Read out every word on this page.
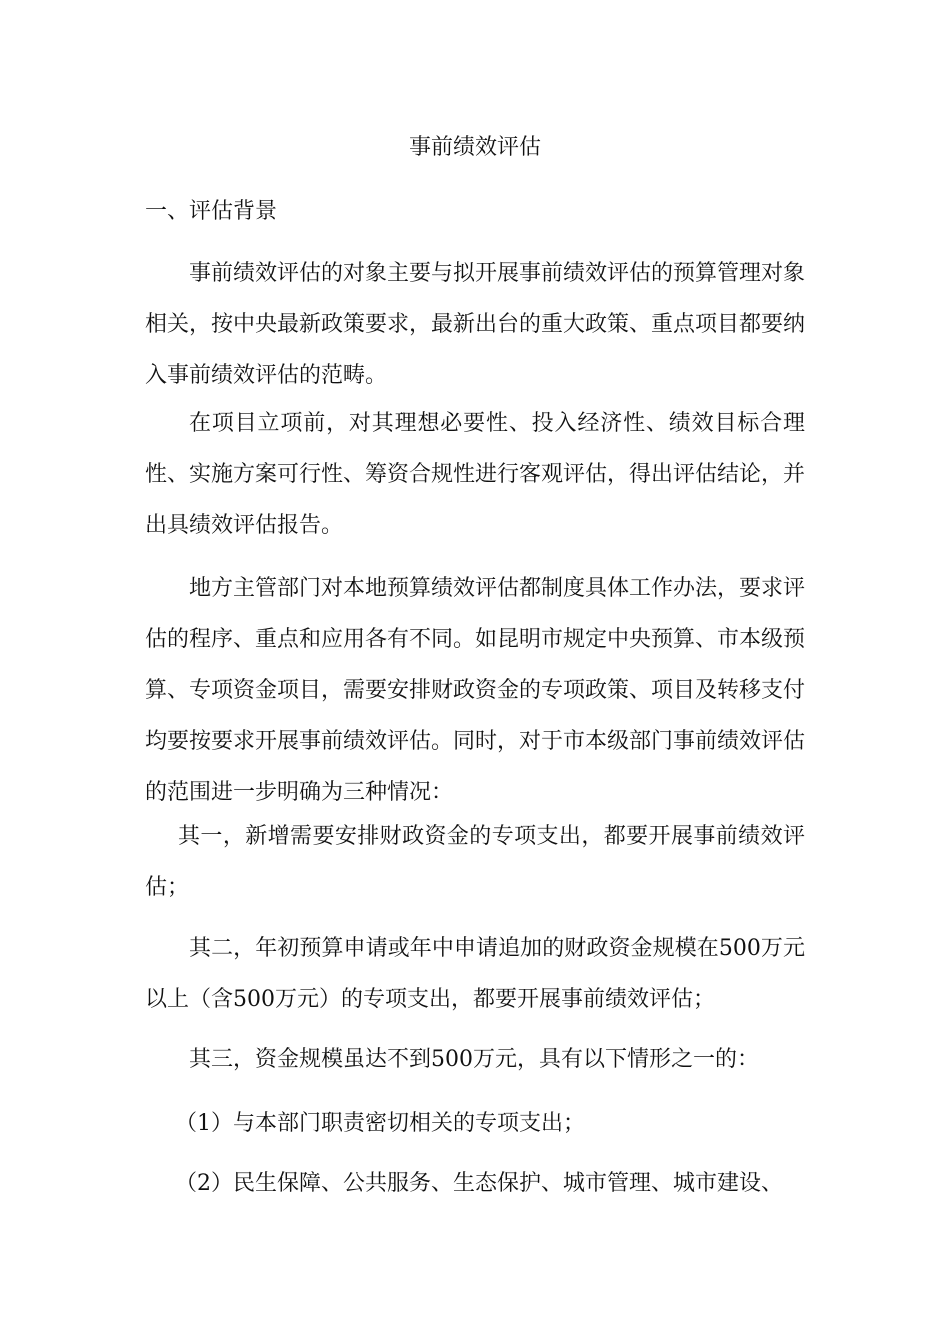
事前绩效评估
一、评估背景

事前绩效评估的对象主要与拟开展事前绩效评估的预算管理对象相关，按中央最新政策要求，最新出台的重大政策、重点项目都要纳入事前绩效评估的范畴。

在项目立项前，对其理想必要性、投入经济性、绩效目标合理性、实施方案可行性、筹资合规性进行客观评估，得出评估结论，并出具绩效评估报告。

地方主管部门对本地预算绩效评估都制度具体工作办法，要求评估的程序、重点和应用各有不同。如昆明市规定中央预算、市本级预算、专项资金项目，需要安排财政资金的专项政策、项目及转移支付均要按要求开展事前绩效评估。同时，对于市本级部门事前绩效评估的范围进一步明确为三种情况：

其一，新增需要安排财政资金的专项支出，都要开展事前绩效评估；

其二，年初预算申请或年中申请追加的财政资金规模在500万元以上（含500万元）的专项支出，都要开展事前绩效评估；

其三，资金规模虽达不到500万元，具有以下情形之一的：

（1）与本部门职责密切相关的专项支出；

（2）民生保障、公共服务、生态保护、城市管理、城市建设、
